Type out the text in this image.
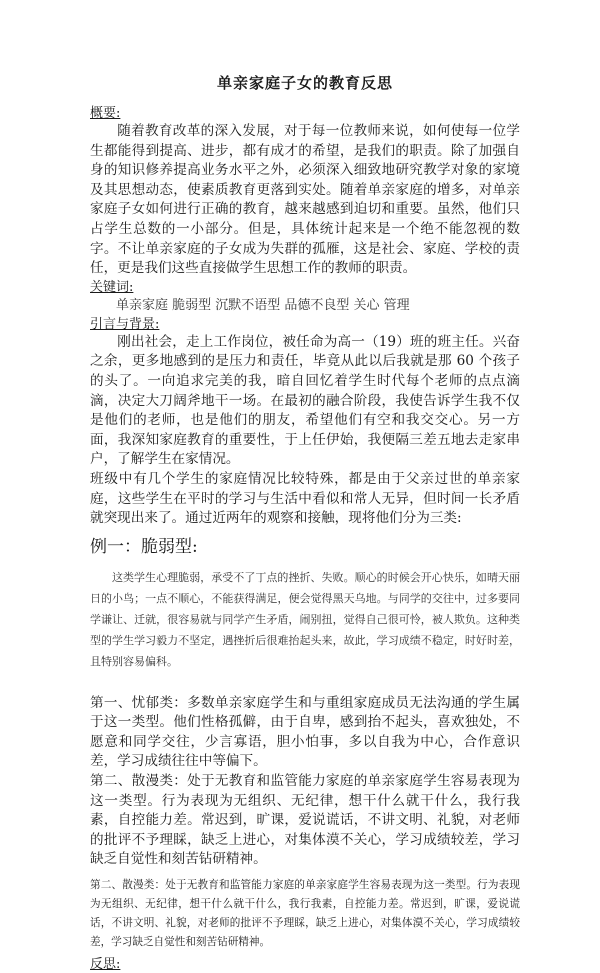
单亲家庭子女的教育反思

概要:

随着教育改革的深入发展，对于每一位教师来说，如何使每一位学生都能得到提高、进步，都有成才的希望，是我们的职责。除了加强自身的知识修养提高业务水平之外，必须深入细致地研究教学对象的家境及其思想动态，使素质教育更落到实处。随着单亲家庭的增多，对单亲家庭子女如何进行正确的教育，越来越感到迫切和重要。虽然，他们只占学生总数的一小部分。但是，具体统计起来是一个绝不能忽视的数字。不让单亲家庭的子女成为失群的孤雁，这是社会、家庭、学校的责任，更是我们这些直接做学生思想工作的教师的职责。

关键词:

单亲家庭 脆弱型 沉默不语型 品德不良型 关心 管理

引言与背景:

刚出社会，走上工作岗位，被任命为高一（19）班的班主任。兴奋之余，更多地感到的是压力和责任，毕竟从此以后我就是那 60 个孩子的头了。一向追求完美的我，暗自回忆着学生时代每个老师的点点滴滴，决定大刀阔斧地干一场。在最初的融合阶段，我使告诉学生我不仅是他们的老师，也是他们的朋友，希望他们有空和我交交心。另一方面，我深知家庭教育的重要性，于上任伊始，我便隔三差五地去走家串户，了解学生在家情况。

班级中有几个学生的家庭情况比较特殊，都是由于父亲过世的单亲家庭，这些学生在平时的学习与生活中看似和常人无异，但时间一长矛盾就突现出来了。通过近两年的观察和接触，现将他们分为三类:

例一：脆弱型:

这类学生心理脆弱，承受不了丁点的挫折、失败。顺心的时候会开心快乐，如晴天丽日的小鸟；一点不顺心，不能获得满足，便会觉得黑天乌地。与同学的交往中，过多要同学谦让、迁就，很容易就与同学产生矛盾，闹别扭，觉得自己很可怜，被人欺负。这种类型的学生学习毅力不坚定，遇挫折后很难抬起头来，故此，学习成绩不稳定，时好时差，且特别容易偏科。

第一、忧郁类：多数单亲家庭学生和与重组家庭成员无法沟通的学生属于这一类型。他们性格孤僻，由于自卑，感到抬不起头，喜欢独处，不愿意和同学交往，少言寡语，胆小怕事，多以自我为中心，合作意识差，学习成绩往往中等偏下。

第二、散漫类：处于无教育和监管能力家庭的单亲家庭学生容易表现为这一类型。行为表现为无组织、无纪律，想干什么就干什么，我行我素，自控能力差。常迟到，旷课，爱说谎话，不讲文明、礼貌，对老师的批评不予理睬，缺乏上进心，对集体漠不关心，学习成绩较差，学习缺乏自觉性和刻苦钻研精神。

第二、散漫类：处于无教育和监管能力家庭的单亲家庭学生容易表现为这一类型。行为表现为无组织、无纪律，想干什么就干什么，我行我素，自控能力差。常迟到，旷课，爱说谎话，不讲文明、礼貌，对老师的批评不予理睬，缺乏上进心，对集体漠不关心，学习成绩较差，学习缺乏自觉性和刻苦钻研精神。

反思:
